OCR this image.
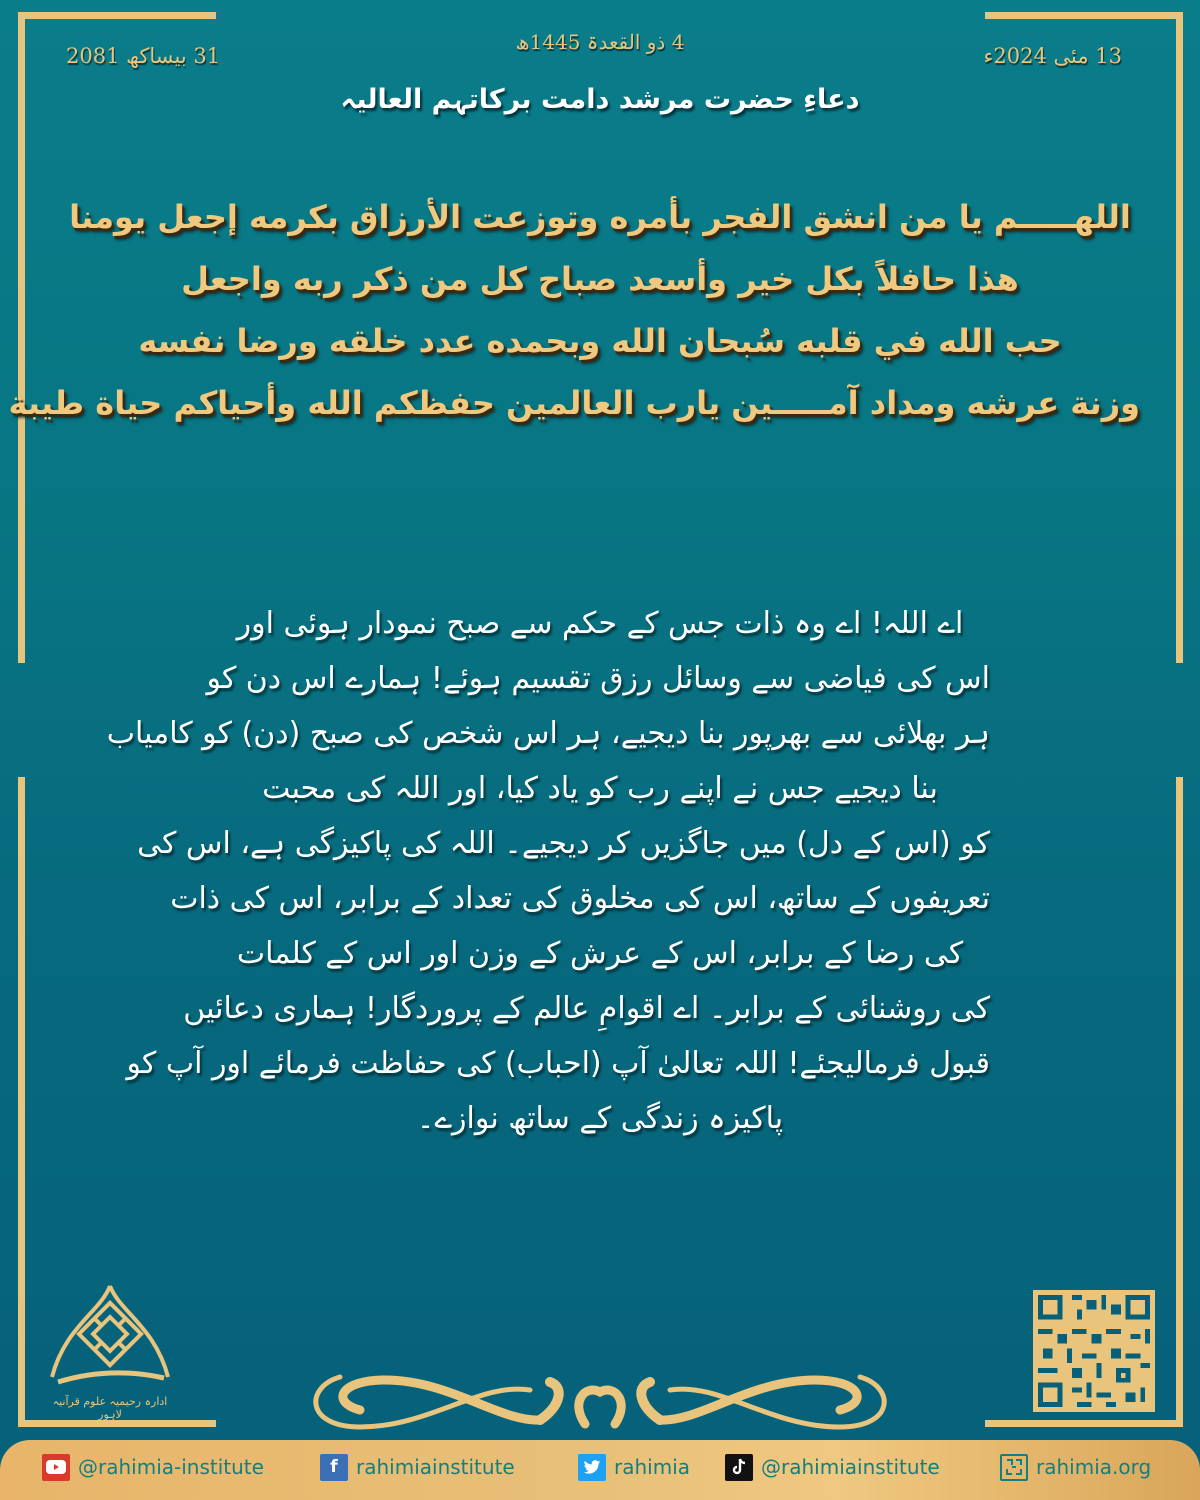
31 بیساکھ 2081
4 ذو القعدۃ 1445ھ
13 مئی 2024ء
دعاءِ حضرت مرشد دامت برکاتہم العالیہ
اللهـــــم يا من انشق الفجر بأمره وتوزعت الأرزاق بكرمه إجعل يومنا
هذا حافلاً بكل خير وأسعد صباح كل من ذكر ربه واجعل
حب الله في قلبه سُبحان الله وبحمده عدد خلقه ورضا نفسه
وزنة عرشه ومداد آمـــــين يارب العالمين حفظكم الله وأحياكم حياة طيبة
اے اللہ! اے وہ ذات جس کے حکم سے صبح نمودار ہوئی اور
اس کی فیاضی سے وسائل رزق تقسیم ہوئے! ہمارے اس دن کو
ہر بھلائی سے بھرپور بنا دیجیے، ہر اس شخص کی صبح (دن) کو کامیاب
بنا دیجیے جس نے اپنے رب کو یاد کیا، اور اللہ کی محبت
کو (اس کے دل) میں جاگزیں کر دیجیے۔ اللہ کی پاکیزگی ہے، اس کی
تعریفوں کے ساتھ، اس کی مخلوق کی تعداد کے برابر، اس کی ذات
کی رضا کے برابر، اس کے عرش کے وزن اور اس کے کلمات
کی روشنائی کے برابر۔ اے اقوامِ عالم کے پروردگار! ہماری دعائیں
قبول فرمالیجئے! اللہ تعالیٰ آپ (احباب) کی حفاظت فرمائے اور آپ کو
پاکیزہ زندگی کے ساتھ نوازے۔
ادارہ رحیمیہ علوم قرآنیہ لاہور
@rahimia-institute	f rahimiainstitute	rahimia	@rahimiainstitute	rahimia.org
